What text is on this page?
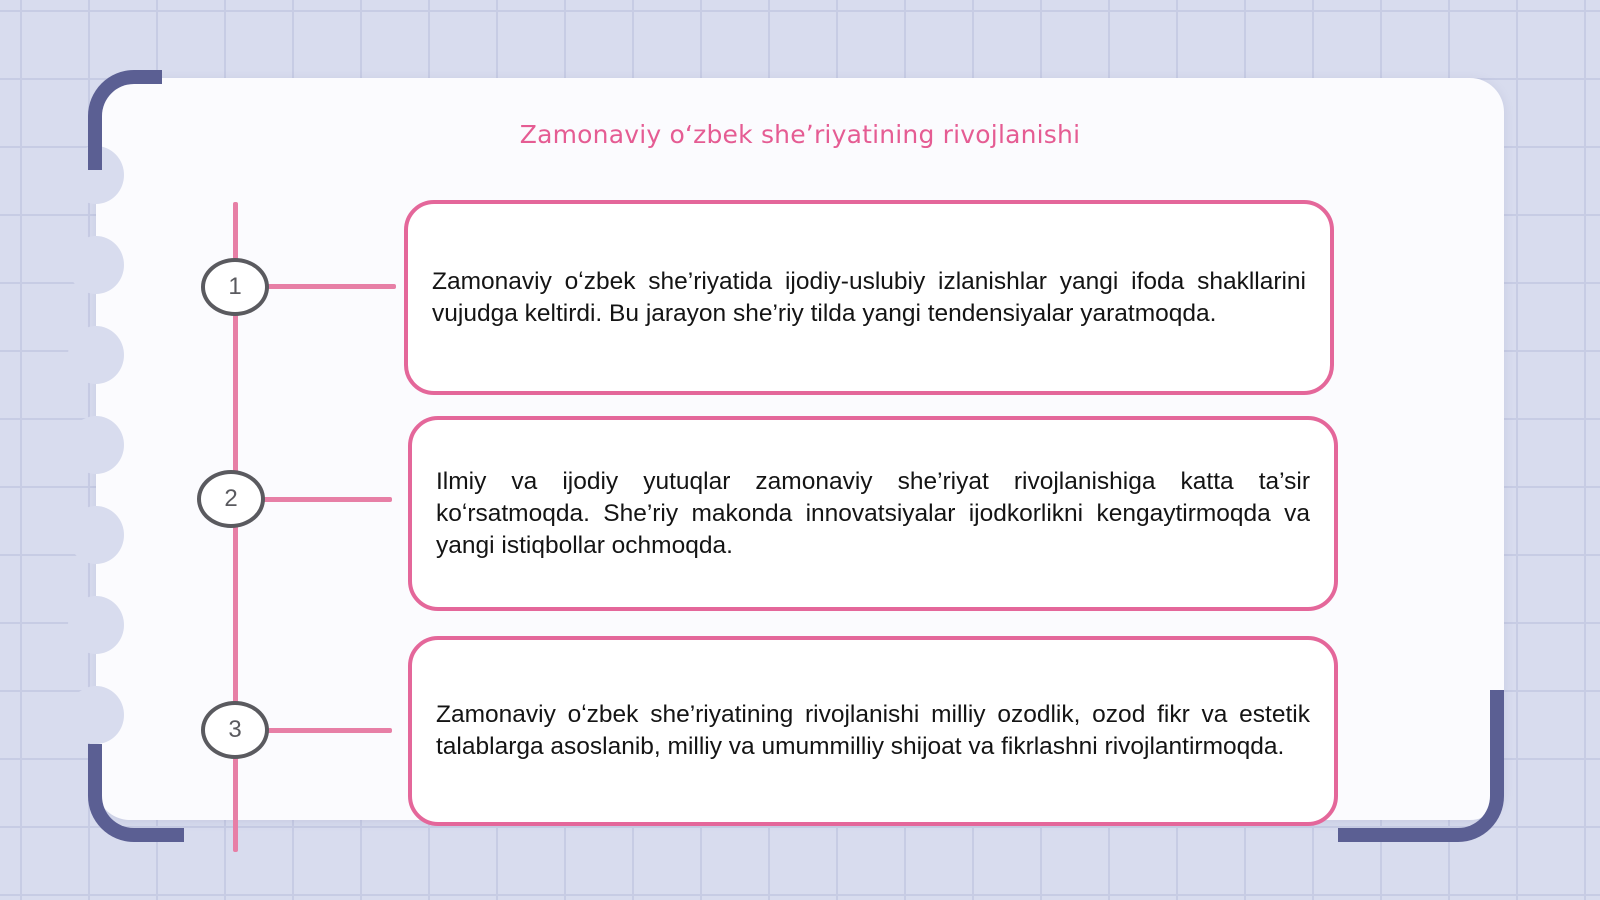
Zamonaviy oʻzbek sheʼriyatining rivojlanishi
1
2
3

Zamonaviy oʻzbek she’riyatida ijodiy-uslubiy izlanishlar yangi ifoda shakllarini vujudga keltirdi. Bu jarayon she’riy tilda yangi tendensiyalar yaratmoqda.

Ilmiy va ijodiy yutuqlar zamonaviy she’riyat rivojlanishiga katta ta’sir koʻrsatmoqda. She’riy makonda innovatsiyalar ijodkorlikni kengaytirmoqda va yangi istiqbollar ochmoqda.

Zamonaviy oʻzbek she’riyatining rivojlanishi milliy ozodlik, ozod fikr va estetik talablarga asoslanib, milliy va umummilliy shijoat va fikrlashni rivojlantirmoqda.
